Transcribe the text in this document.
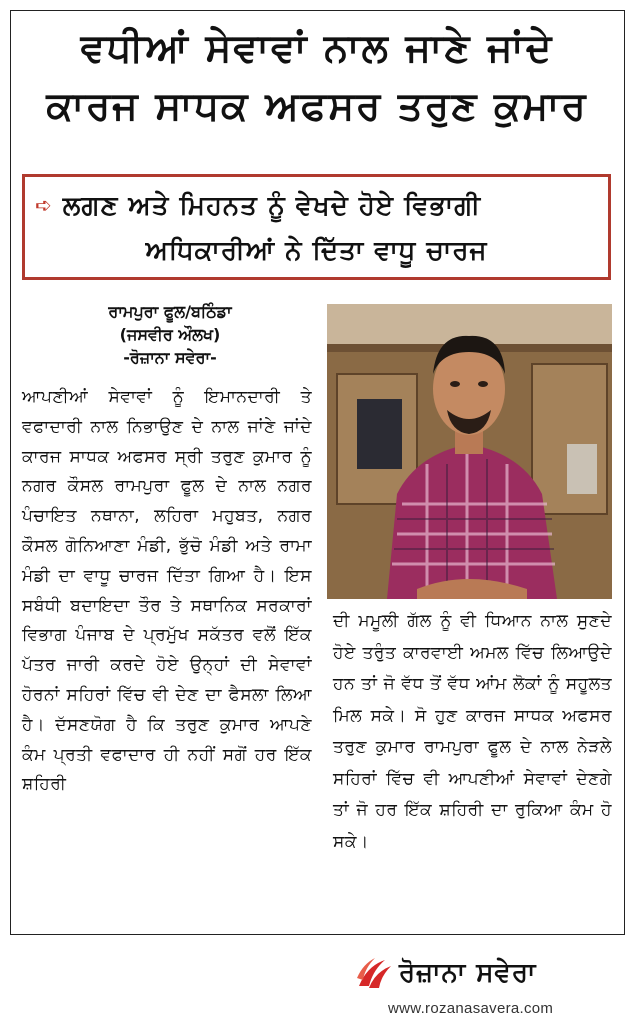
ਵਧੀਆਂ ਸੇਵਾਵਾਂ ਨਾਲ ਜਾਣੇ ਜਾਂਦੇ
ਕਾਰਜ ਸਾਧਕ ਅਫਸਰ ਤਰੁਣ ਕੁਮਾਰ
➪ ਲਗਣ ਅਤੇ ਮਿਹਨਤ ਨੂੰ ਵੇਖਦੇ ਹੋਏ ਵਿਭਾਗੀ
ਅਧਿਕਾਰੀਆਂ ਨੇ ਦਿੱਤਾ ਵਾਧੂ ਚਾਰਜ
ਰਾਮਪੁਰਾ ਫੂਲ/ਬਠਿੰਡਾ
(ਜਸਵੀਰ ਔਲਖ)
-ਰੋਜ਼ਾਨਾ ਸਵੇਰਾ-
ਆਪਣੀਆਂ ਸੇਵਾਵਾਂ ਨੂੰ ਇਮਾਨਦਾਰੀ ਤੇ ਵਫਾਦਾਰੀ ਨਾਲ ਨਿਭਾਉਣ ਦੇ ਨਾਲ ਜਾਂਣੇ ਜਾਂਦੇ ਕਾਰਜ ਸਾਧਕ ਅਫਸਰ ਸ੍ਰੀ ਤਰੁਣ ਕੁਮਾਰ ਨੂੰ ਨਗਰ ਕੌਸਲ ਰਾਮਪੁਰਾ ਫੂਲ ਦੇ ਨਾਲ ਨਗਰ ਪੰਚਾਇਤ ਨਥਾਨਾ, ਲਹਿਰਾ ਮਹੁਬਤ, ਨਗਰ ਕੌਸਲ ਗੋਨਿਆਣਾ ਮੰਡੀ, ਭੁੱਚੋ ਮੰਡੀ ਅਤੇ ਰਾਮਾ ਮੰਡੀ ਦਾ ਵਾਧੂ ਚਾਰਜ ਦਿੱਤਾ ਗਿਆ ਹੈ। ਇਸ ਸਬੰਧੀ ਬਦਾਇਦਾ ਤੌਰ ਤੇ ਸਥਾਨਿਕ ਸਰਕਾਰਾਂ ਵਿਭਾਗ ਪੰਜਾਬ ਦੇ ਪ੍ਰਮੁੱਖ ਸਕੱਤਰ ਵਲੋਂ ਇੱਕ ਪੱਤਰ ਜਾਰੀ ਕਰਦੇ ਹੋਏ ਉਨ੍ਹਾਂ ਦੀ ਸੇਵਾਵਾਂ ਹੋਰਨਾਂ ਸਹਿਰਾਂ ਵਿੱਚ ਵੀ ਦੇਣ ਦਾ ਫੈਸਲਾ ਲਿਆ ਹੈ। ਦੱਸਣਯੋਗ ਹੈ ਕਿ ਤਰੁਣ ਕੁਮਾਰ ਆਪਣੇ ਕੰਮ ਪ੍ਰਤੀ ਵਫਾਦਾਰ ਹੀ ਨਹੀਂ ਸਗੋਂ ਹਰ ਇੱਕ ਸ਼ਹਿਰੀ
ਦੀ ਮਮੂਲੀ ਗੱਲ ਨੂੰ ਵੀ ਧਿਆਨ ਨਾਲ ਸੁਣਦੇ ਹੋਏ ਤਰੁੰਤ ਕਾਰਵਾਈ ਅਮਲ ਵਿੱਚ ਲਿਆਉਦੇ ਹਨ ਤਾਂ ਜੋ ਵੱਧ ਤੋਂ ਵੱਧ ਆਂਮ ਲੋਕਾਂ ਨੂੰ ਸਹੂਲਤ ਮਿਲ ਸਕੇ। ਸੋ ਹੁਣ ਕਾਰਜ ਸਾਧਕ ਅਫਸਰ ਤਰੁਣ ਕੁਮਾਰ ਰਾਮਪੁਰਾ ਫੂਲ ਦੇ ਨਾਲ ਨੇੜਲੇ ਸਹਿਰਾਂ ਵਿੱਚ ਵੀ ਆਪਣੀਆਂ ਸੇਵਾਵਾਂ ਦੇਣਗੇ ਤਾਂ ਜੋ ਹਰ ਇੱਕ ਸ਼ਹਿਰੀ ਦਾ ਰੁਕਿਆ ਕੰਮ ਹੋ ਸਕੇ।
ਰੋਜ਼ਾਨਾ ਸਵੇਰਾ
www.rozanasavera.com
